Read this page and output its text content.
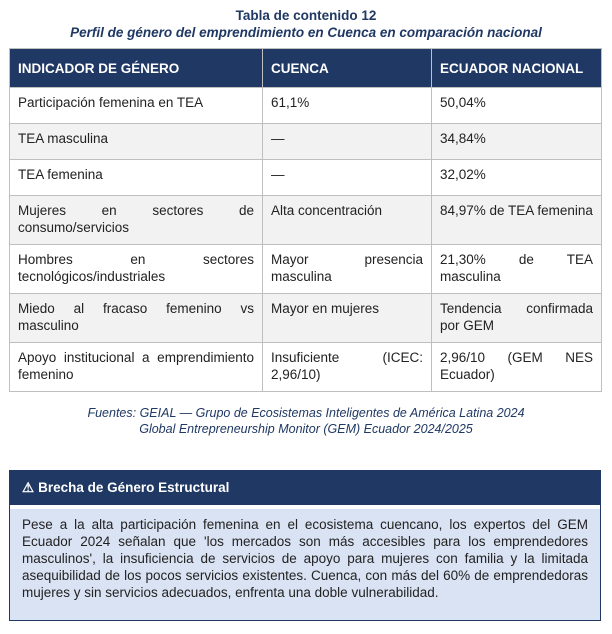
Tabla de contenido 12
Perfil de género del emprendimiento en Cuenca en comparación nacional
INDICADOR DE GÉNERO	CUENCA	ECUADOR NACIONAL
Participación femenina en TEA	61,1%	50,04%
TEA masculina	—	34,84%
TEA femenina	—	32,02%
Mujeres en sectores de consumo/servicios	Alta concentración	84,97% de TEA femenina
Hombres en sectores tecnológicos/industriales	Mayor presencia masculina	21,30% de TEA masculina
Miedo al fracaso femenino vs masculino	Mayor en mujeres	Tendencia confirmada por GEM
Apoyo institucional a emprendimiento femenino	Insuficiente (ICEC: 2,96/10)	2,96/10 (GEM NES Ecuador)
Fuentes: GEIAL — Grupo de Ecosistemas Inteligentes de América Latina 2024
Global Entrepreneurship Monitor (GEM) Ecuador 2024/2025
⚠ Brecha de Género Estructural
Pese a la alta participación femenina en el ecosistema cuencano, los expertos del GEM Ecuador 2024 señalan que 'los mercados son más accesibles para los emprendedores masculinos', la insuficiencia de servicios de apoyo para mujeres con familia y la limitada asequibilidad de los pocos servicios existentes. Cuenca, con más del 60% de emprendedoras mujeres y sin servicios adecuados, enfrenta una doble vulnerabilidad.
